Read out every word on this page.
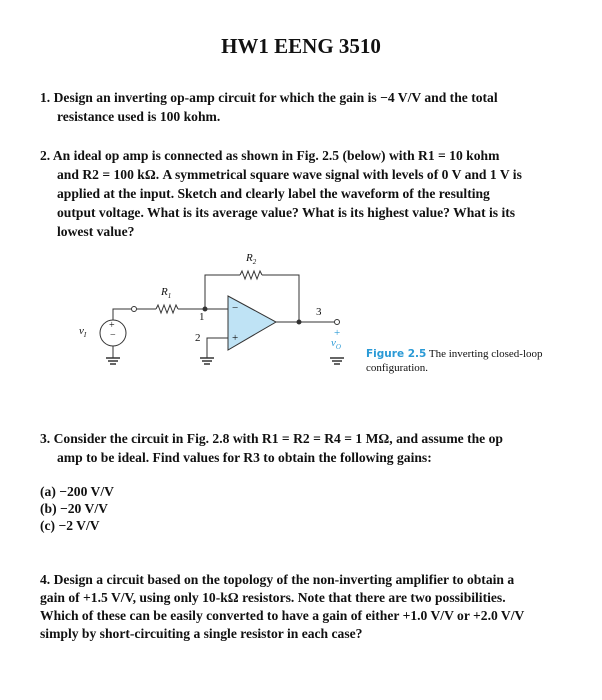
HW1 EENG 3510
1. Design an inverting op-amp circuit for which the gain is −4 V/V and the total
resistance used is 100 kohm.
2. An ideal op amp is connected as shown in Fig. 2.5 (below) with R1 = 10 kohm
and R2 = 100 kΩ. A symmetrical square wave signal with levels of 0 V and 1 V is
applied at the input. Sketch and clearly label the waveform of the resulting
output voltage. What is its average value? What is its highest value? What is its
lowest value?
$R_1$
$R_2$
1
2
3
−
+
+
−
$v_I$	+
$v_O$
Figure 2.5 The inverting closed-loop
configuration.
3. Consider the circuit in Fig. 2.8 with R1 = R2 = R4 = 1 MΩ, and assume the op
amp to be ideal. Find values for R3 to obtain the following gains:
(a) −200 V/V
(b) −20 V/V
(c) −2 V/V
4. Design a circuit based on the topology of the non-inverting amplifier to obtain a
gain of +1.5 V/V, using only 10-kΩ resistors. Note that there are two possibilities.
Which of these can be easily converted to have a gain of either +1.0 V/V or +2.0 V/V
simply by short-circuiting a single resistor in each case?
